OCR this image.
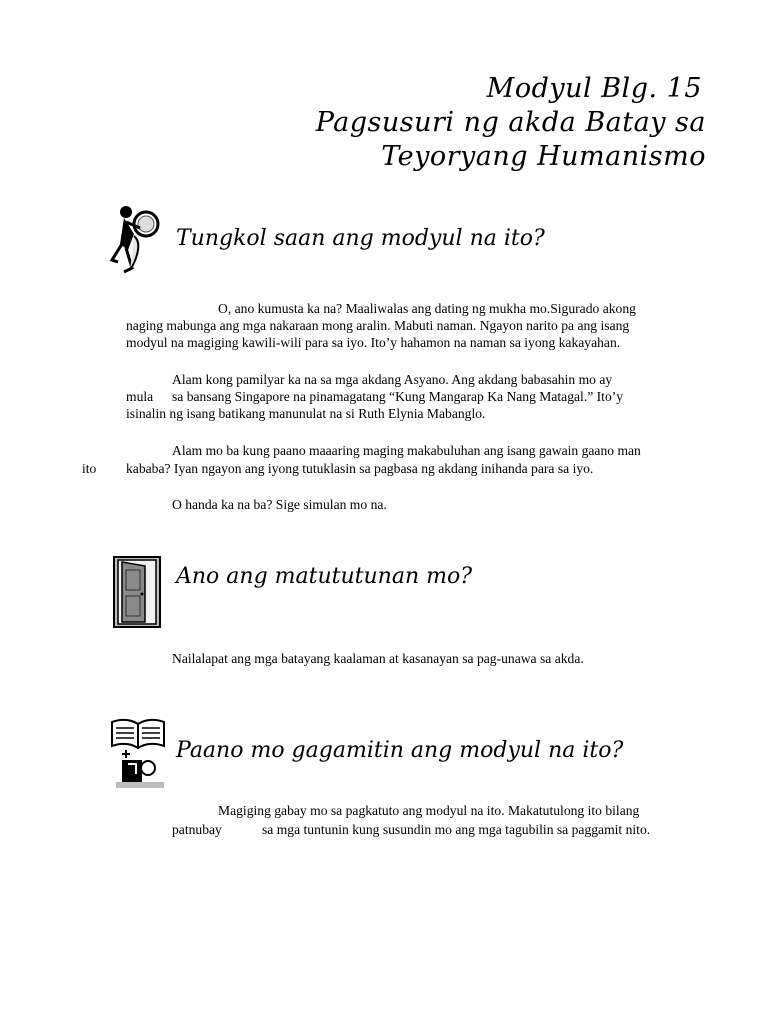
Modyul Blg. 15
Pagsusuri ng akda Batay sa
Teyoryang Humanismo
Tungkol saan ang modyul na ito?
O, ano kumusta ka na? Maaliwalas ang dating ng mukha mo.Sigurado akong
naging mabunga ang mga nakaraan mong aralin. Mabuti naman. Ngayon narito pa ang isang
modyul na magiging kawili-wili para sa iyo. Ito’y hahamon na naman sa iyong kakayahan.
Alam kong pamilyar ka na sa mga akdang Asyano. Ang akdang babasahin mo ay
mula sa bansang Singapore na pinamagatang “Kung Mangarap Ka Nang Matagal.” Ito’y
isinalin ng isang batikang manunulat na si Ruth Elynia Mabanglo.
Alam mo ba kung paano maaaring maging makabuluhan ang isang gawain gaano man
ito kababa? Iyan ngayon ang iyong tutuklasin sa pagbasa ng akdang inihanda para sa iyo.
O handa ka na ba? Sige simulan mo na.
Ano ang matututunan mo?
Nailalapat ang mga batayang kaalaman at kasanayan sa pag-unawa sa akda.
Paano mo gagamitin ang modyul na ito?
Magiging gabay mo sa pagkatuto ang modyul na ito. Makatutulong ito bilang
patnubay	sa mga tuntunin kung susundin mo ang mga tagubilin sa paggamit nito.
